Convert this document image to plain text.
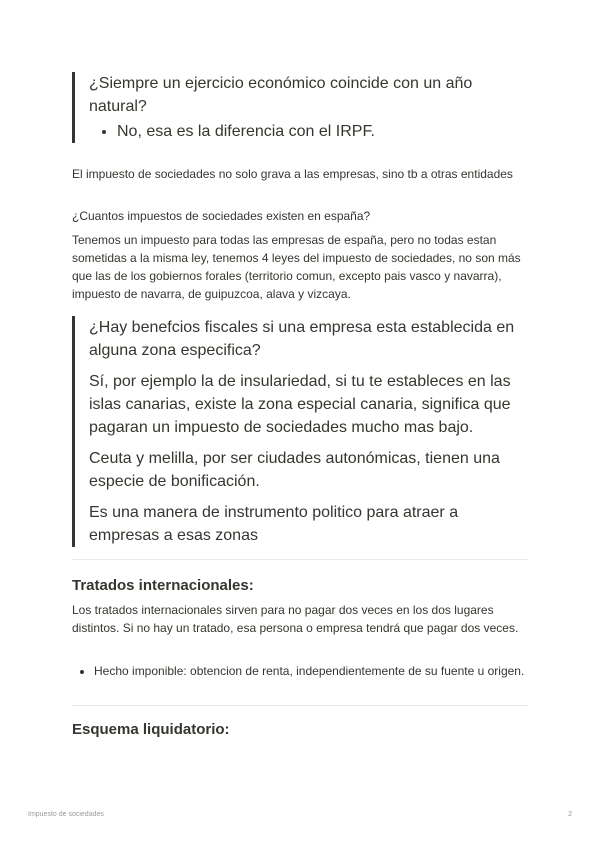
¿Siempre un ejercicio económico coincide con un año natural?

• No, esa es la diferencia con el IRPF.

El impuesto de sociedades no solo grava a las empresas, sino tb a otras entidades

¿Cuantos impuestos de sociedades existen en españa?

Tenemos un impuesto para todas las empresas de españa, pero no todas estan sometidas a la misma ley, tenemos 4 leyes del impuesto de sociedades, no son más que las de los gobiernos forales (territorio comun, excepto pais vasco y navarra), impuesto de navarra, de guipuzcoa, alava y vizcaya.

¿Hay benefcios fiscales si una empresa esta establecida en alguna zona especifica?

Sí, por ejemplo la de insulariedad, si tu te estableces en las islas canarias, existe la zona especial canaria, significa que pagaran un impuesto de sociedades mucho mas bajo.

Ceuta y melilla, por ser ciudades autonómicas, tienen una especie de bonificación.

Es una manera de instrumento politico para atraer a empresas a esas zonas

Tratados internacionales:

Los tratados internacionales sirven para no pagar dos veces en los dos lugares distintos. Si no hay un tratado, esa persona o empresa tendrá que pagar dos veces.

• Hecho imponible: obtencion de renta, independientemente de su fuente u origen.
Esquema liquidatorio:
Impuesto de sociedades	2
